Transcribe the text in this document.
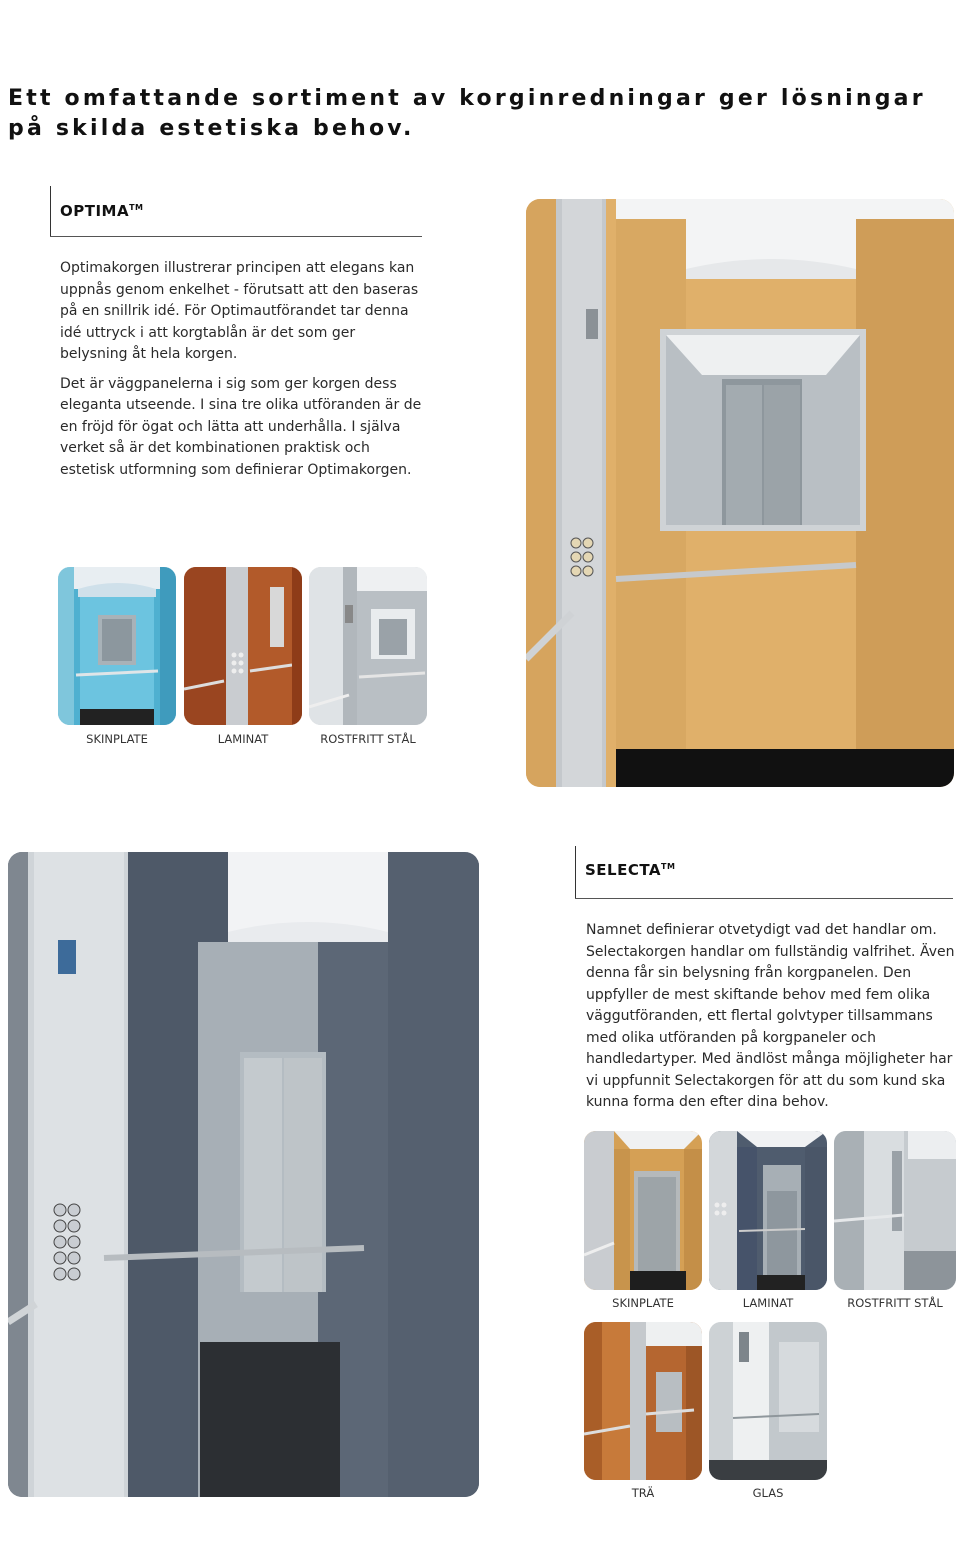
Ett omfattande sortiment av korginredningar ger lösningar på skilda estetiska behov.
OPTIMA™

Optimakorgen illustrerar principen att elegans kan uppnås genom enkelhet - förutsatt att den baseras på en snillrik idé. För Optimautförandet tar denna idé uttryck i att korgtablån är det som ger belysning åt hela korgen.

Det är väggpanelerna i sig som ger korgen dess eleganta utseende. I sina tre olika utföranden är de en fröjd för ögat och lätta att underhålla. I själva verket så är det kombinationen praktisk och estetisk utformning som definierar Optimakorgen.

SKINPLATE	LAMINAT	ROSTFRITT STÅL
SELECTA™

Namnet definierar otvetydigt vad det handlar om. Selectakorgen handlar om fullständig valfrihet. Även denna får sin belysning från korgpanelen. Den uppfyller de mest skiftande behov med fem olika väggutföranden, ett flertal golvtyper tillsammans med olika utföranden på korgpaneler och handledartyper. Med ändlöst många möjligheter har vi uppfunnit Selectakorgen för att du som kund ska kunna forma den efter dina behov.

SKINPLATE	LAMINAT	ROSTFRITT STÅL
TRÄ	GLAS
